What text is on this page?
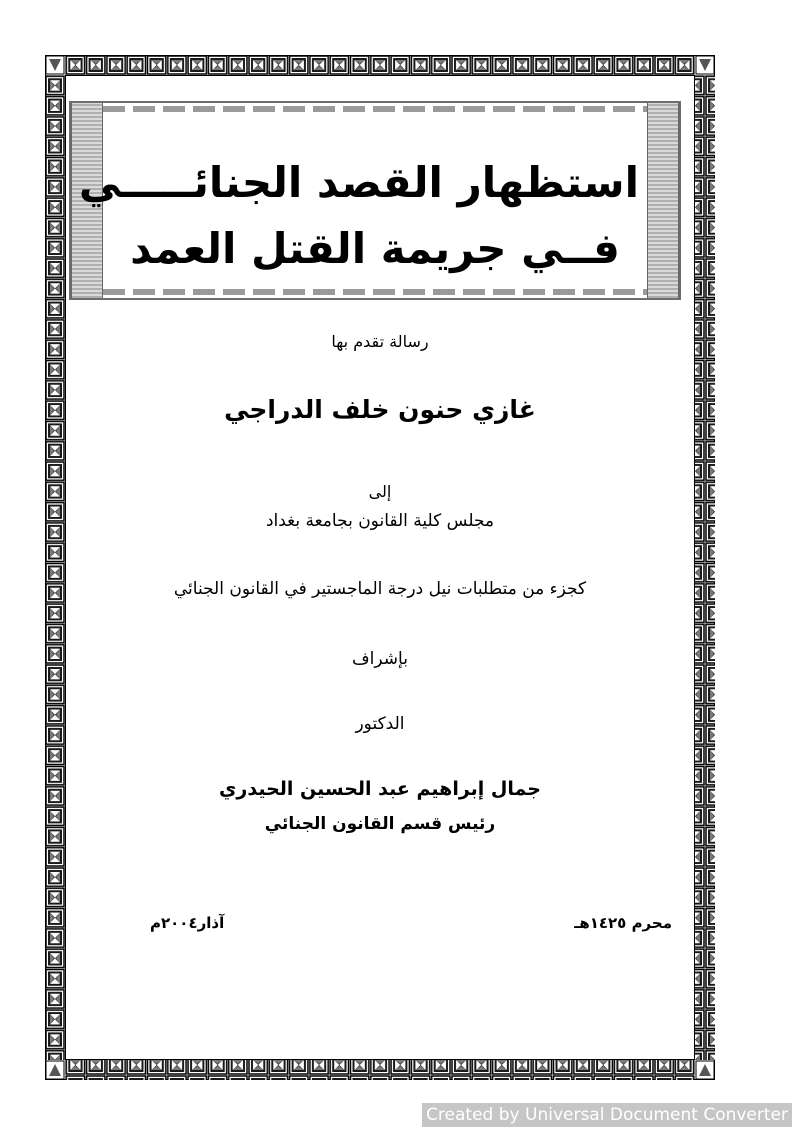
استظهار القصد الجنائـــــي
فــي جريمة القتل العمد
رسالة تقدم بها
غازي حنون خلف الدراجي
إلى
مجلس كلية القانون بجامعة بغداد
كجزء من متطلبات نيل درجة الماجستير في القانون الجنائي
بإشراف
الدكتور
جمال إبراهيم عبد الحسين الحيدري
رئيس قسم القانون الجنائي
محرم ١٤٢٥هـ
آذار٢٠٠٤م
Created by Universal Document Converter
